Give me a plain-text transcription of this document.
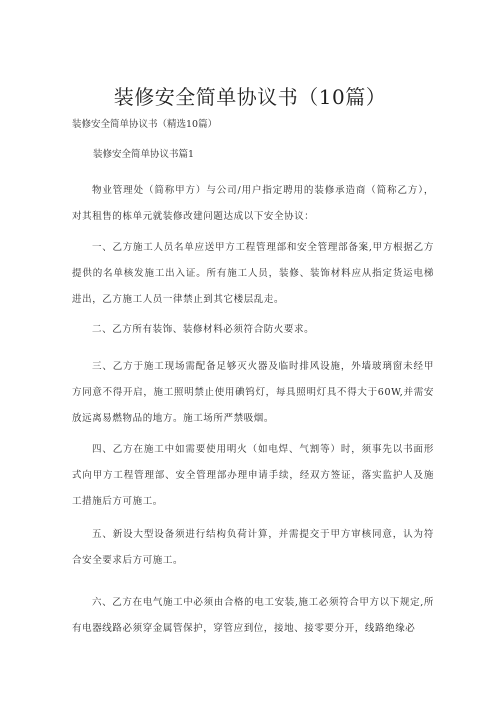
装修安全简单协议书（10篇）
装修安全简单协议书（精选10篇）
装修安全简单协议书篇1

物业管理处（简称甲方）与公司/用户指定聘用的装修承造商（简称乙方），对其租售的栋单元就装修改建问题达成以下安全协议：

一、乙方施工人员名单应送甲方工程管理部和安全管理部备案,甲方根据乙方提供的名单核发施工出入证。所有施工人员，装修、装饰材料应从指定货运电梯进出，乙方施工人员一律禁止到其它楼层乱走。

二、乙方所有装饰、装修材料必须符合防火要求。

三、乙方于施工现场需配备足够灭火器及临时排风设施，外墙玻璃窗未经甲方同意不得开启，施工照明禁止使用碘钨灯，每具照明灯具不得大于60W,并需安放远离易燃物品的地方。施工场所严禁吸烟。

四、乙方在施工中如需要使用明火（如电焊、气割等）时，须事先以书面形式向甲方工程管理部、安全管理部办理申请手续，经双方签证，落实监护人及施工措施后方可施工。

五、新设大型设备须进行结构负荷计算，并需提交于甲方审核同意，认为符合安全要求后方可施工。

六、乙方在电气施工中必须由合格的电工安装,施工必须符合甲方以下规定,所有电器线路必须穿金属管保护，穿管应到位，接地、接零要分开，线路绝缘必
